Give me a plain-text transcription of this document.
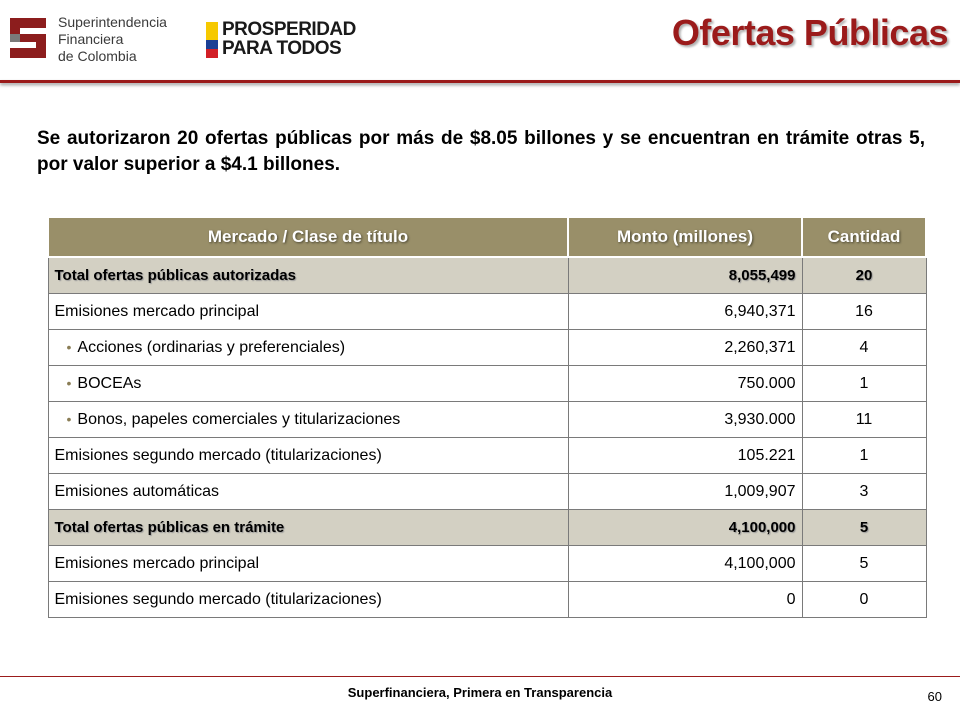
Superintendencia
Financiera
de Colombia
PROSPERIDAD
PARA TODOS	Ofertas Públicas
Se autorizaron 20 ofertas públicas por más de $8.05 billones y se encuentran en trámite otras 5, por valor superior a $4.1 billones.
Mercado / Clase de título	Monto (millones)	Cantidad
Total ofertas públicas autorizadas	8,055,499	20
Emisiones mercado principal	6,940,371	16
• Acciones (ordinarias y preferenciales)	2,260,371	4
• BOCEAs	750.000	1
• Bonos, papeles comerciales y titularizaciones	3,930.000	11
Emisiones segundo mercado (titularizaciones)	105.221	1
Emisiones automáticas	1,009,907	3
Total ofertas públicas en trámite	4,100,000	5
Emisiones mercado principal	4,100,000	5
Emisiones segundo mercado (titularizaciones)	0	0
Superfinanciera, Primera en Transparencia	60
